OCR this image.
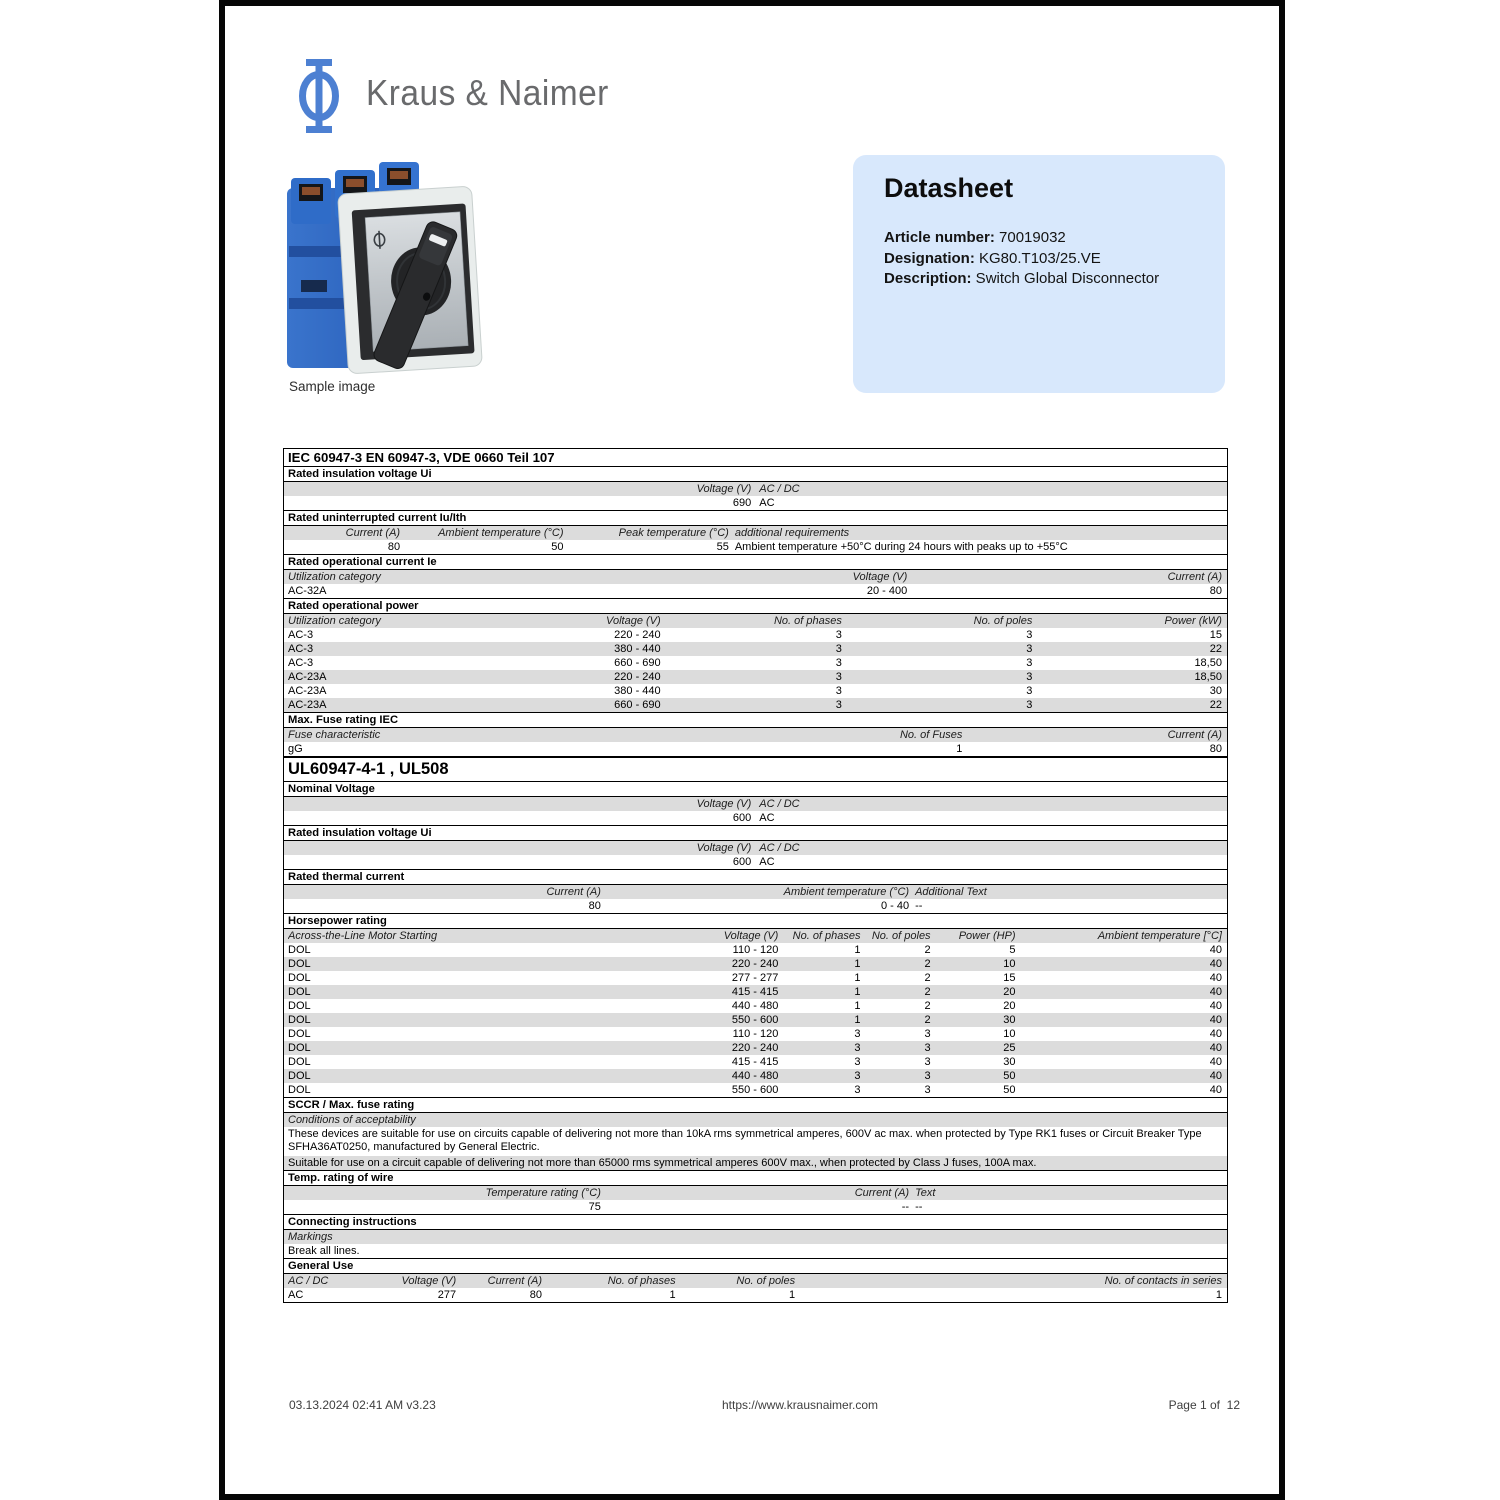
Kraus & Naimer
Sample image
Datasheet
Article number: 70019032
Designation: KG80.T103/25.VE
Description: Switch Global Disconnector
IEC 60947-3 EN 60947-3, VDE 0660 Teil 107
Rated insulation voltage Ui
Voltage (V) AC / DC
690 AC
Rated uninterrupted current Iu/Ith
Current (A)	Ambient temperature (°C)	Peak temperature (°C) additional requirements
80	50	55 Ambient temperature +50°C during 24 hours with peaks up to +55°C
Rated operational current Ie
Utilization category	Voltage (V)	Current (A)
AC-32A	20 - 400	80
Rated operational power
Utilization category	Voltage (V)	No. of phases	No. of poles	Power (kW)
AC-3	220 - 240	3	3	15
AC-3	380 - 440	3	3	22
AC-3	660 - 690	3	3	18,50
AC-23A	220 - 240	3	3	18,50
AC-23A	380 - 440	3	3	30
AC-23A	660 - 690	3	3	22
Max. Fuse rating IEC
Fuse characteristic	No. of Fuses	Current (A)
gG	1	80
UL60947-4-1 , UL508
Nominal Voltage
Voltage (V) AC / DC
600 AC
Rated insulation voltage Ui
Voltage (V) AC / DC
600 AC
Rated thermal current
Current (A)	Ambient temperature (°C) Additional Text
80	0 - 40 --
Horsepower rating
Across-the-Line Motor Starting	Voltage (V)	No. of phases	No. of poles	Power (HP)	Ambient temperature [°C]
DOL	110 - 120	1	2	5	40
DOL	220 - 240	1	2	10	40
DOL	277 - 277	1	2	15	40
DOL	415 - 415	1	2	20	40
DOL	440 - 480	1	2	20	40
DOL	550 - 600	1	2	30	40
DOL	110 - 120	3	3	10	40
DOL	220 - 240	3	3	25	40
DOL	415 - 415	3	3	30	40
DOL	440 - 480	3	3	50	40
DOL	550 - 600	3	3	50	40
SCCR / Max. fuse rating
Conditions of acceptability
These devices are suitable for use on circuits capable of delivering not more than 10kA rms symmetrical amperes, 600V ac max. when protected by Type RK1 fuses or Circuit Breaker Type SFHA36AT0250, manufactured by General Electric.
Suitable for use on a circuit capable of delivering not more than 65000 rms symmetrical amperes 600V max., when protected by Class J fuses, 100A max.
Temp. rating of wire
Temperature rating (°C)	Current (A) Text
75	-- --
Connecting instructions
Markings
Break all lines.
General Use
AC / DC	Voltage (V)	Current (A)	No. of phases	No. of poles	No. of contacts in series
AC	277	80	1	1	1
03.13.2024 02:41 AM v3.23	https://www.krausnaimer.com	Page 1 of  12
